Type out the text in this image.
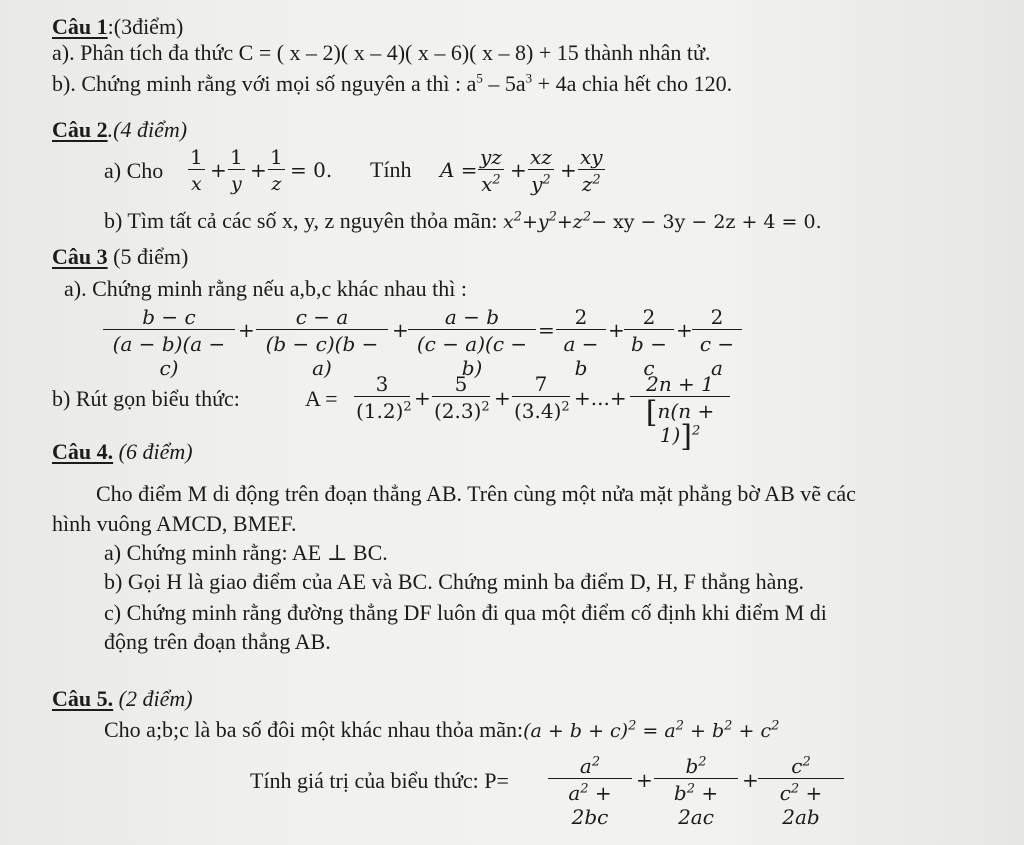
Câu 1:(3điểm)
a). Phân tích đa thức C = ( x – 2)( x – 4)( x – 6)( x – 8) + 15 thành nhân tử.
b). Chứng minh rằng với mọi số nguyên a thì : $a^5 - 5a^3 + 4a$ chia hết cho 120.
Câu 2.(4 điểm)
a) Cho $\frac{1}{x} + \frac{1}{y} + \frac{1}{z} = 0$. Tính $A = \frac{yz}{x^2} + \frac{xz}{y^2} + \frac{xy}{z^2}$
b) Tìm tất cả các số x, y, z nguyên thỏa mãn: $x^2+y^2+z^2-$ xy − 3y − 2z + 4 = 0.
Câu 3 (5 điểm)
a). Chứng minh rằng nếu a,b,c khác nhau thì :
$\frac{b - c}{(a - b)(a - c)} + \frac{c - a}{(b - c)(b - a)} + \frac{a - b}{(c - a)(c - b)} = \frac{2}{a - b} + \frac{2}{b - c} + \frac{2}{c - a}$
b) Rút gọn biểu thức:	$A = \frac{3}{(1.2)^2} + \frac{5}{(2.3)^2} + \frac{7}{(3.4)^2}$ +...+ $\frac{2n + 1}{[n(n + 1)]^2}$
Câu 4. (6 điểm)
Cho điểm M di động trên đoạn thẳng AB. Trên cùng một nửa mặt phẳng bờ AB vẽ các
hình vuông AMCD, BMEF.
a) Chứng minh rằng: AE ⊥ BC.
b) Gọi H là giao điểm của AE và BC. Chứng minh ba điểm D, H, F thẳng hàng.
c) Chứng minh rằng đường thẳng DF luôn đi qua một điểm cố định khi điểm M di
động trên đoạn thẳng AB.
Câu 5. (2 điểm)
Cho a;b;c là ba số đôi một khác nhau thỏa mãn:(a + $b + c)^2 = a^2 + b^2 + c^2$
Tính giá trị của biểu thức: $P= \frac{a^2}{a^2 + 2bc} + \frac{b^2}{b^2 + 2ac} + \frac{c^2}{c^2 + 2ab}$
